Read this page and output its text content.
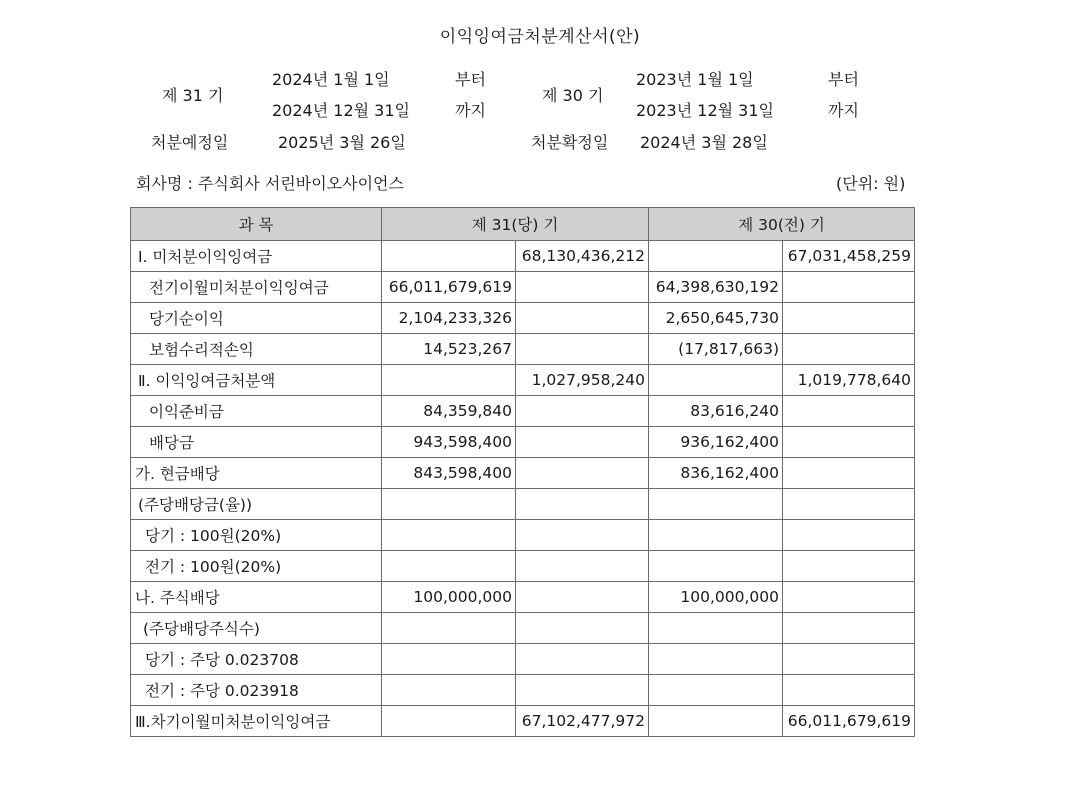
이익잉여금처분계산서(안)
제 31 기
2024년 1월 1일	부터
2024년 12월 31일	까지
처분예정일	2025년 3월 26일
제 30 기
2023년 1월 1일	부터
2023년 12월 31일	까지
처분확정일 2024년 3월 28일
회사명 : 주식회사 서린바이오사이언스	(단위: 원)
과 목	제 31(당) 기		제 30(전) 기	
Ⅰ. 미처분이익잉여금		68,130,436,212		67,031,458,259
전기이월미처분이익잉여금	66,011,679,619		64,398,630,192	
당기순이익	2,104,233,326		2,650,645,730	
보험수리적손익	14,523,267		(17,817,663)	
Ⅱ. 이익잉여금처분액		1,027,958,240		1,019,778,640
이익준비금	84,359,840		83,616,240	
배당금	943,598,400		936,162,400	
가. 현금배당	843,598,400		836,162,400	
(주당배당금(율))				
당기 : 100원(20%)				
전기 : 100원(20%)				
나. 주식배당	100,000,000		100,000,000	
(주당배당주식수)				
당기 : 주당 0.023708				
전기 : 주당 0.023918				
Ⅲ.차기이월미처분이익잉여금		67,102,477,972		66,011,679,619
